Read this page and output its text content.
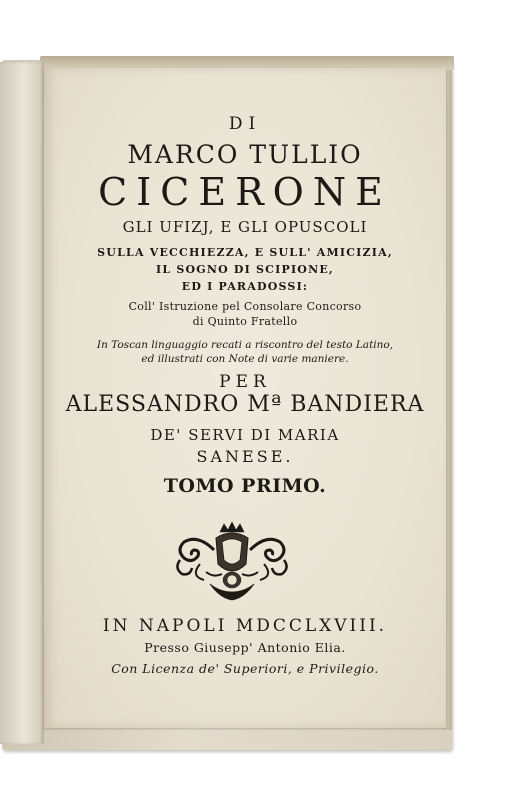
DI
MARCO TULLIO
CICERONE
GLI UFIZJ, E GLI OPUSCOLI
SULLA VECCHIEZZA, E SULL' AMICIZIA,
IL SOGNO DI SCIPIONE,
ED I PARADOSSI:
Coll' Istruzione pel Consolare Concorso
di Quinto Fratello
In Toscan linguaggio recati a riscontro del testo Latino,
ed illustrati con Note di varie maniere.
PER
ALESSANDRO Mª BANDIERA
DE' SERVI DI MARIA
SANESE.
TOMO PRIMO.
IN NAPOLI MDCCLXVIII.
Presso Giusepp' Antonio Elia.
Con Licenza de' Superiori, e Privilegio.
